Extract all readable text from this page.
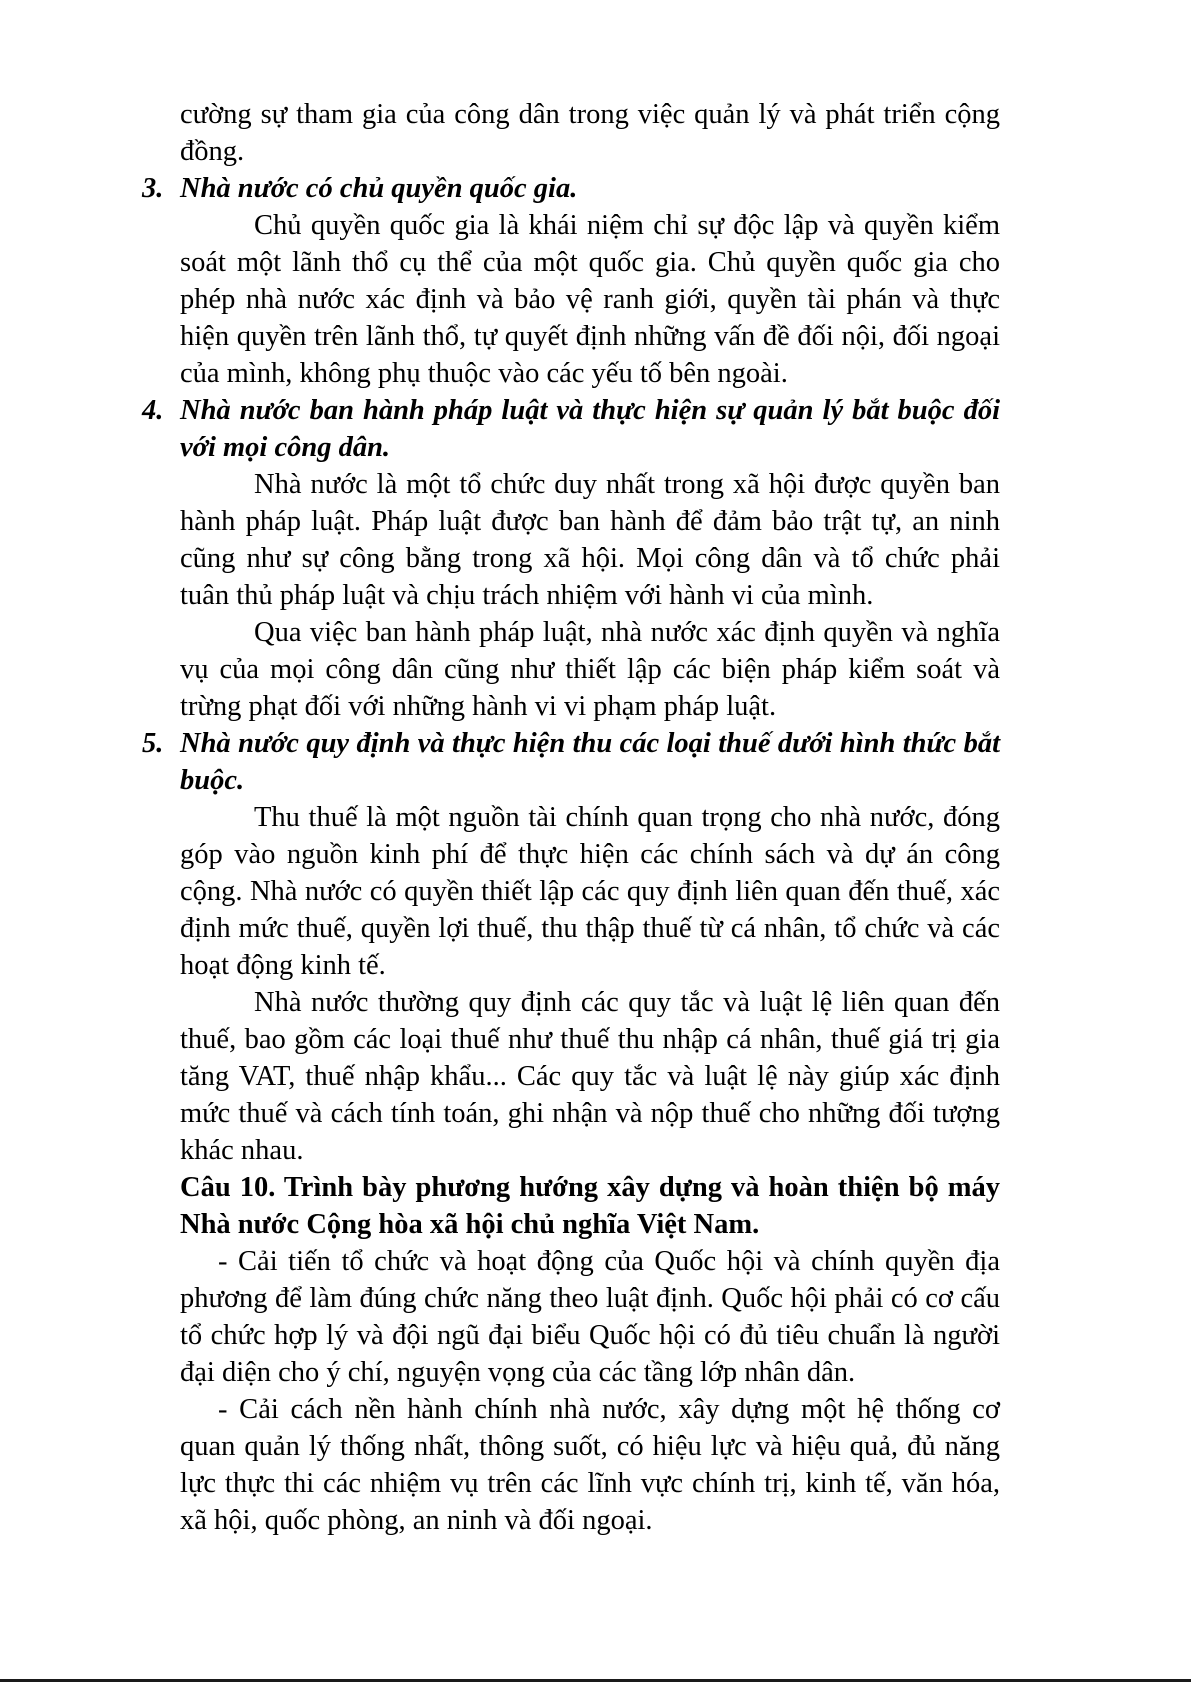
cường sự tham gia của công dân trong việc quản lý và phát triển cộng đồng.

3. Nhà nước có chủ quyền quốc gia.

Chủ quyền quốc gia là khái niệm chỉ sự độc lập và quyền kiểm soát một lãnh thổ cụ thể của một quốc gia. Chủ quyền quốc gia cho phép nhà nước xác định và bảo vệ ranh giới, quyền tài phán và thực hiện quyền trên lãnh thổ, tự quyết định những vấn đề đối nội, đối ngoại của mình, không phụ thuộc vào các yếu tố bên ngoài.

4. Nhà nước ban hành pháp luật và thực hiện sự quản lý bắt buộc đối với mọi công dân.

Nhà nước là một tổ chức duy nhất trong xã hội được quyền ban hành pháp luật. Pháp luật được ban hành để đảm bảo trật tự, an ninh cũng như sự công bằng trong xã hội. Mọi công dân và tổ chức phải tuân thủ pháp luật và chịu trách nhiệm với hành vi của mình.

Qua việc ban hành pháp luật, nhà nước xác định quyền và nghĩa vụ của mọi công dân cũng như thiết lập các biện pháp kiểm soát và trừng phạt đối với những hành vi vi phạm pháp luật.

5. Nhà nước quy định và thực hiện thu các loại thuế dưới hình thức bắt buộc.

Thu thuế là một nguồn tài chính quan trọng cho nhà nước, đóng góp vào nguồn kinh phí để thực hiện các chính sách và dự án công cộng. Nhà nước có quyền thiết lập các quy định liên quan đến thuế, xác định mức thuế, quyền lợi thuế, thu thập thuế từ cá nhân, tổ chức và các hoạt động kinh tế.

Nhà nước thường quy định các quy tắc và luật lệ liên quan đến thuế, bao gồm các loại thuế như thuế thu nhập cá nhân, thuế giá trị gia tăng VAT, thuế nhập khẩu... Các quy tắc và luật lệ này giúp xác định mức thuế và cách tính toán, ghi nhận và nộp thuế cho những đối tượng khác nhau.

Câu 10. Trình bày phương hướng xây dựng và hoàn thiện bộ máy Nhà nước Cộng hòa xã hội chủ nghĩa Việt Nam.

- Cải tiến tổ chức và hoạt động của Quốc hội và chính quyền địa phương để làm đúng chức năng theo luật định. Quốc hội phải có cơ cấu tổ chức hợp lý và đội ngũ đại biểu Quốc hội có đủ tiêu chuẩn là người đại diện cho ý chí, nguyện vọng của các tầng lớp nhân dân.

- Cải cách nền hành chính nhà nước, xây dựng một hệ thống cơ quan quản lý thống nhất, thông suốt, có hiệu lực và hiệu quả, đủ năng lực thực thi các nhiệm vụ trên các lĩnh vực chính trị, kinh tế, văn hóa, xã hội, quốc phòng, an ninh và đối ngoại.
